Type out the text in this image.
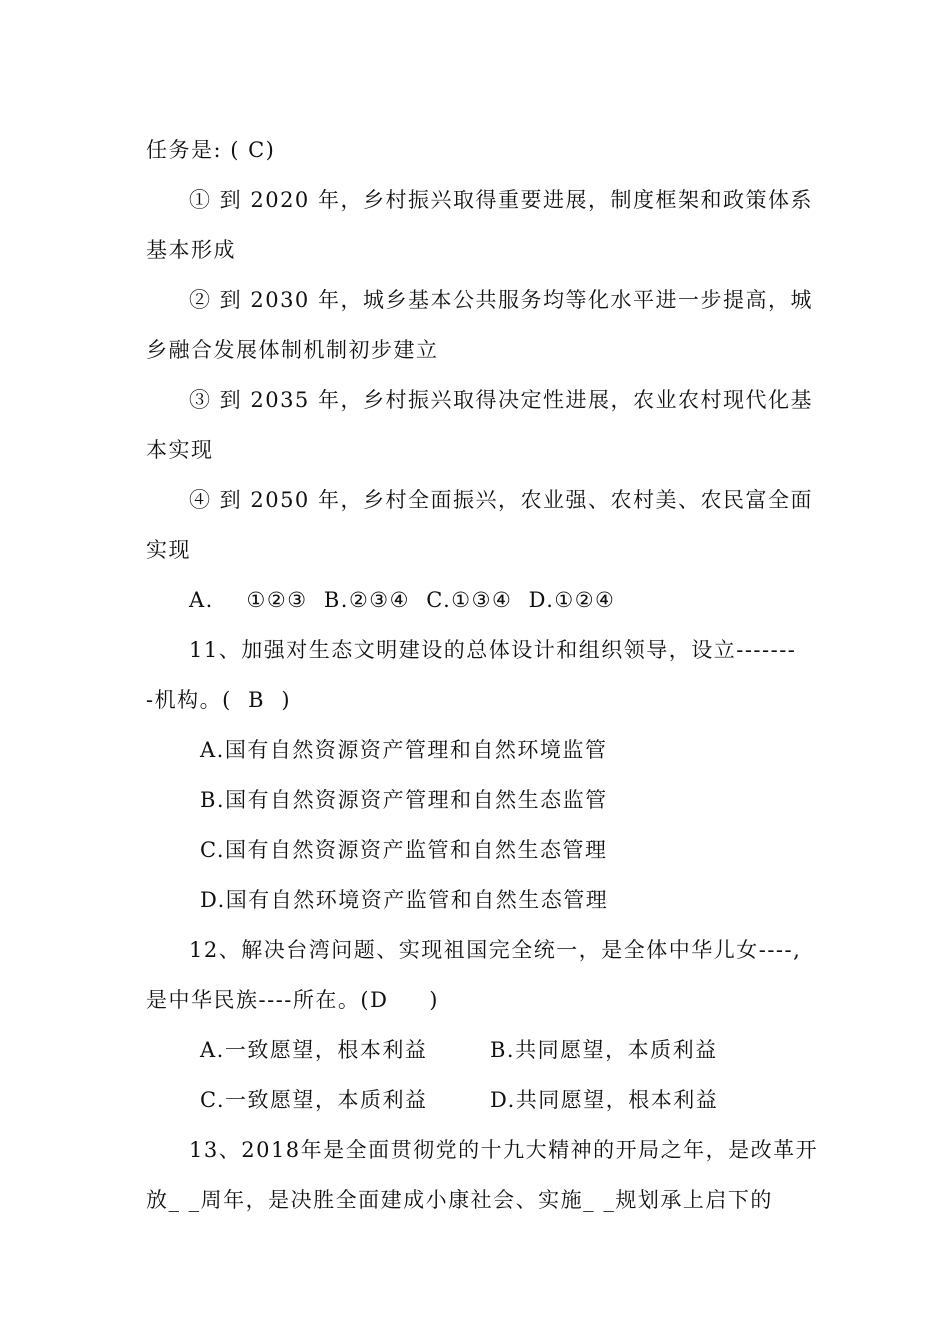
任务是: ( C)
① 到 2020 年，乡村振兴取得重要进展，制度框架和政策体系
基本形成
② 到 2030 年，城乡基本公共服务均等化水平进一步提高，城
乡融合发展体制机制初步建立
③ 到 2035 年，乡村振兴取得决定性进展，农业农村现代化基
本实现
④ 到 2050 年，乡村全面振兴，农业强、农村美、农民富全面
实现
A.    ①②③  B.②③④  C.①③④  D.①②④
11、加强对生态文明建设的总体设计和组织领导，设立-------
-机构。(  B  )
A.国有自然资源资产管理和自然环境监管
B.国有自然资源资产管理和自然生态监管
C.国有自然资源资产监管和自然生态管理
D.国有自然环境资产监管和自然生态管理
12、解决台湾问题、实现祖国完全统一，是全体中华儿女----,
是中华民族----所在。(D     )
A.一致愿望，根本利益	B.共同愿望，本质利益
C.一致愿望，本质利益	D.共同愿望，根本利益
13、2018年是全面贯彻党的十九大精神的开局之年，是改革开
放_ _周年，是决胜全面建成小康社会、实施_ _规划承上启下的
